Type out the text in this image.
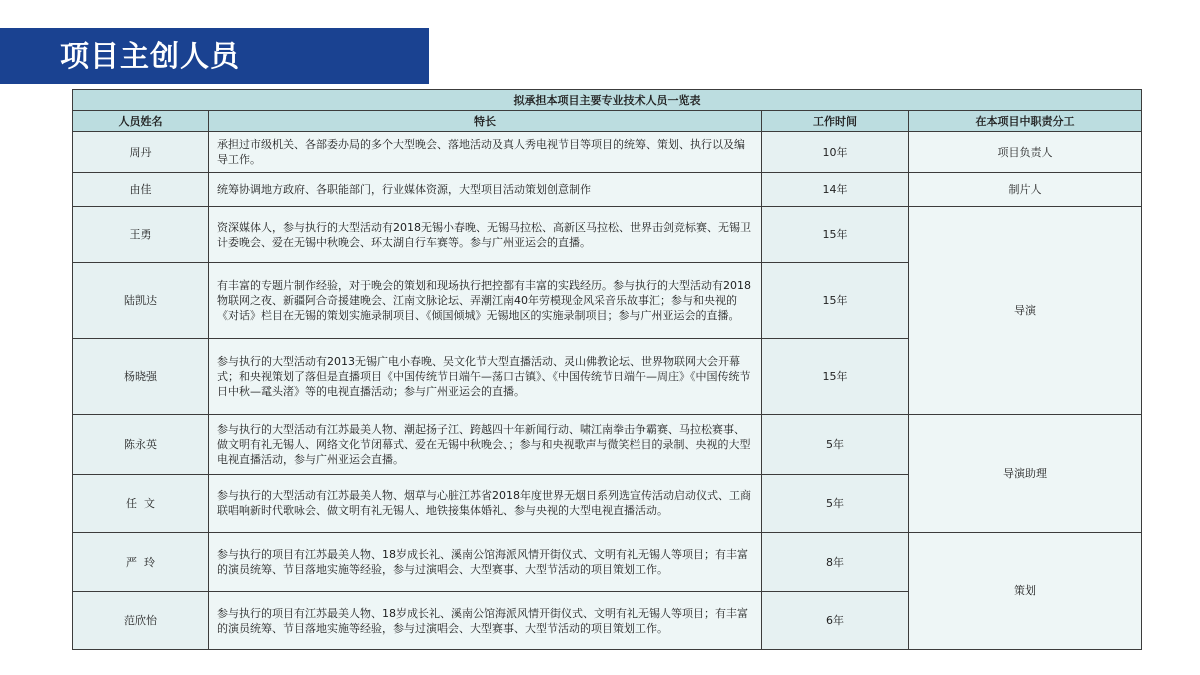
项目主创人员
拟承担本项目主要专业技术人员一览表			
人员姓名	特长	工作时间	在本项目中职责分工
周丹	承担过市级机关、各部委办局的多个大型晚会、落地活动及真人秀电视节目等项目的统筹、策划、执行以及编导工作。	10年	项目负责人
由佳	统筹协调地方政府、各职能部门，行业媒体资源，大型项目活动策划创意制作	14年	制片人
王勇	资深媒体人，参与执行的大型活动有2018无锡小春晚、无锡马拉松、高新区马拉松、世界击剑竞标赛、无锡卫计委晚会、爱在无锡中秋晚会、环太湖自行车赛等。参与广州亚运会的直播。	15年	导演
陆凯达	有丰富的专题片制作经验，对于晚会的策划和现场执行把控都有丰富的实践经历。参与执行的大型活动有2018物联网之夜、新疆阿合奇援建晚会、江南文脉论坛、弄潮江南40年劳模现金风采音乐故事汇；参与和央视的《对话》栏目在无锡的策划实施录制项目、《倾国倾城》无锡地区的实施录制项目；参与广州亚运会的直播。	15年	
杨晓强	参与执行的大型活动有2013无锡广电小春晚、吴文化节大型直播活动、灵山佛教论坛、世界物联网大会开幕式；和央视策划了落但是直播项目《中国传统节日端午—荡口古镇》、《中国传统节日端午—周庄》《中国传统节日中秋—鼋头渚》等的电视直播活动；参与广州亚运会的直播。	15年	
陈永英	参与执行的大型活动有江苏最美人物、潮起扬子江、跨越四十年新闻行动、啸江南拳击争霸赛、马拉松赛事、做文明有礼无锡人、网络文化节闭幕式、爱在无锡中秋晚会、；参与和央视歌声与微笑栏目的录制、央视的大型电视直播活动，参与广州亚运会直播。	5年	导演助理
任  文	参与执行的大型活动有江苏最美人物、烟草与心脏江苏省2018年度世界无烟日系列选宣传活动启动仪式、工商联唱响新时代歌咏会、做文明有礼无锡人、地铁接集体婚礼、参与央视的大型电视直播活动。	5年	
严  玲	参与执行的项目有江苏最美人物、18岁成长礼、溪南公馆海派风情开街仪式、文明有礼无锡人等项目；有丰富的演员统筹、节目落地实施等经验，参与过演唱会、大型赛事、大型节活动的项目策划工作。	8年	策划
范欣怡	参与执行的项目有江苏最美人物、18岁成长礼、溪南公馆海派风情开街仪式、文明有礼无锡人等项目；有丰富的演员统筹、节目落地实施等经验，参与过演唱会、大型赛事、大型节活动的项目策划工作。	6年	
